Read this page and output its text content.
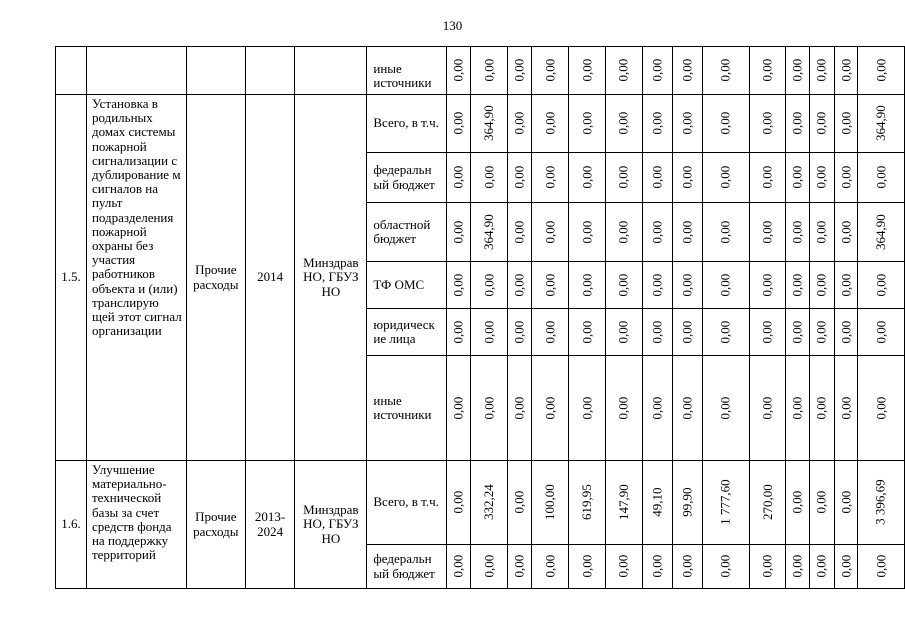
130
					иные источники	0,00	0,00	0,00	0,00	0,00	0,00	0,00	0,00	0,00	0,00	0,00	0,00	0,00	0,00
1.5.	Установка в родильных домах системы пожарной сигнализации с дублирование м сигналов на пульт подразделения пожарной охраны без участия работников объекта и (или) транслирую щей этот сигнал организации	Прочие расходы	2014	Минздрав НО, ГБУЗ НО	Всего, в т.ч.	0,00	364,90	0,00	0,00	0,00	0,00	0,00	0,00	0,00	0,00	0,00	0,00	0,00	364,90
					федеральн ый бюджет	0,00	0,00	0,00	0,00	0,00	0,00	0,00	0,00	0,00	0,00	0,00	0,00	0,00	0,00
					областной бюджет	0,00	364,90	0,00	0,00	0,00	0,00	0,00	0,00	0,00	0,00	0,00	0,00	0,00	364,90
					ТФ ОМС	0,00	0,00	0,00	0,00	0,00	0,00	0,00	0,00	0,00	0,00	0,00	0,00	0,00	0,00
					юридическ ие лица	0,00	0,00	0,00	0,00	0,00	0,00	0,00	0,00	0,00	0,00	0,00	0,00	0,00	0,00
					иные источники	0,00	0,00	0,00	0,00	0,00	0,00	0,00	0,00	0,00	0,00	0,00	0,00	0,00	0,00
1.6.	Улучшение материально- технической базы за счет средств фонда на поддержку территорий	Прочие расходы	2013- 2024	Минздрав НО, ГБУЗ НО	Всего, в т.ч.	0,00	332,24	0,00	100,00	619,95	147,90	49,10	99,90	1 777,60	270,00	0,00	0,00	0,00	3 396,69
					федеральн ый бюджет	0,00	0,00	0,00	0,00	0,00	0,00	0,00	0,00	0,00	0,00	0,00	0,00	0,00	0,00
